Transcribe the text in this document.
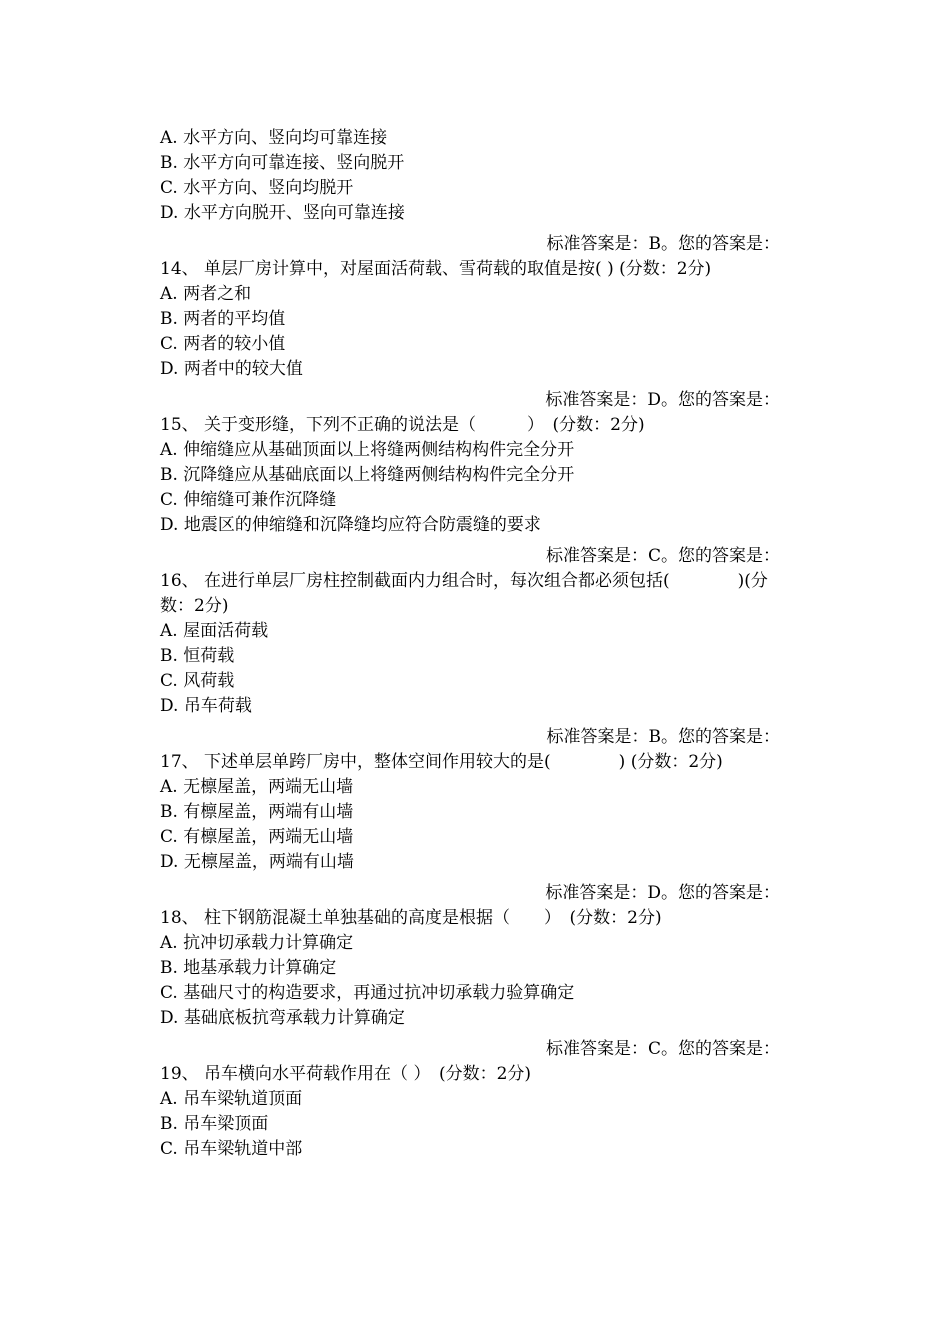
A. 水平方向、竖向均可靠连接
B. 水平方向可靠连接、竖向脱开
C. 水平方向、竖向均脱开
D. 水平方向脱开、竖向可靠连接
标准答案是：B。您的答案是：
14、 单层厂房计算中，对屋面活荷载、雪荷载的取值是按( ) (分数：2分)
A. 两者之和
B. 两者的平均值
C. 两者的较小值
D. 两者中的较大值
标准答案是：D。您的答案是：
15、 关于变形缝，下列不正确的说法是（　　　）　(分数：2分)
A. 伸缩缝应从基础顶面以上将缝两侧结构构件完全分开
B. 沉降缝应从基础底面以上将缝两侧结构构件完全分开
C. 伸缩缝可兼作沉降缝
D. 地震区的伸缩缝和沉降缝均应符合防震缝的要求
标准答案是：C。您的答案是：
16、 在进行单层厂房柱控制截面内力组合时，每次组合都必须包括(　　　　)(分数：2分)
A. 屋面活荷载
B. 恒荷载
C. 风荷载
D. 吊车荷载
标准答案是：B。您的答案是：
17、 下述单层单跨厂房中，整体空间作用较大的是(　　　　) (分数：2分)
A. 无檩屋盖，两端无山墙
B. 有檩屋盖，两端有山墙
C. 有檩屋盖，两端无山墙
D. 无檩屋盖，两端有山墙
标准答案是：D。您的答案是：
18、 柱下钢筋混凝土单独基础的高度是根据（　　）　(分数：2分)
A. 抗冲切承载力计算确定
B. 地基承载力计算确定
C. 基础尺寸的构造要求，再通过抗冲切承载力验算确定
D. 基础底板抗弯承载力计算确定
标准答案是：C。您的答案是：
19、 吊车横向水平荷载作用在（ ）　(分数：2分)
A. 吊车梁轨道顶面
B. 吊车梁顶面
C. 吊车梁轨道中部
